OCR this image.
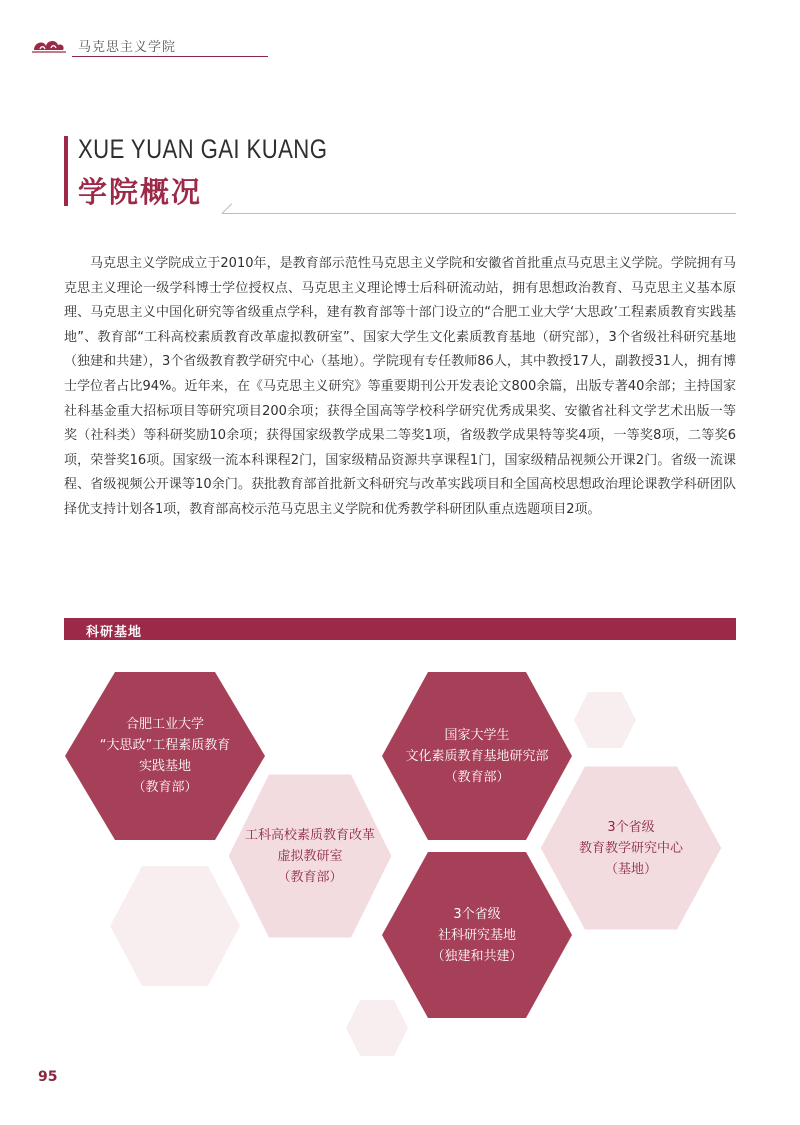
马克思主义学院
XUE YUAN GAI KUANG
学院概况

马克思主义学院成立于2010年，是教育部示范性马克思主义学院和安徽省首批重点马克思主义学院。学院拥有马克思主义理论一级学科博士学位授权点、马克思主义理论博士后科研流动站，拥有思想政治教育、马克思主义基本原理、马克思主义中国化研究等省级重点学科，建有教育部等十部门设立的“合肥工业大学‘大思政’工程素质教育实践基地”、教育部“工科高校素质教育改革虚拟教研室”、国家大学生文化素质教育基地（研究部），3个省级社科研究基地（独建和共建），3个省级教育教学研究中心（基地）。学院现有专任教师86人，其中教授17人，副教授31人，拥有博士学位者占比94%。近年来，在《马克思主义研究》等重要期刊公开发表论文800余篇，出版专著40余部；主持国家社科基金重大招标项目等研究项目200余项；获得全国高等学校科学研究优秀成果奖、安徽省社科文学艺术出版一等奖（社科类）等科研奖励10余项；获得国家级教学成果二等奖1项，省级教学成果特等奖4项，一等奖8项，二等奖6项，荣誉奖16项。国家级一流本科课程2门，国家级精品资源共享课程1门，国家级精品视频公开课2门。省级一流课程、省级视频公开课等10余门。获批教育部首批新文科研究与改革实践项目和全国高校思想政治理论课教学科研团队择优支持计划各1项，教育部高校示范马克思主义学院和优秀教学科研团队重点选题项目2项。

科研基地
合肥工业大学
“大思政”工程素质教育
实践基地
（教育部）
工科高校素质教育改革
虚拟教研室
（教育部）
国家大学生
文化素质教育基地研究部
（教育部）
3个省级
社科研究基地
（独建和共建）
3个省级
教育教学研究中心
（基地）
95
